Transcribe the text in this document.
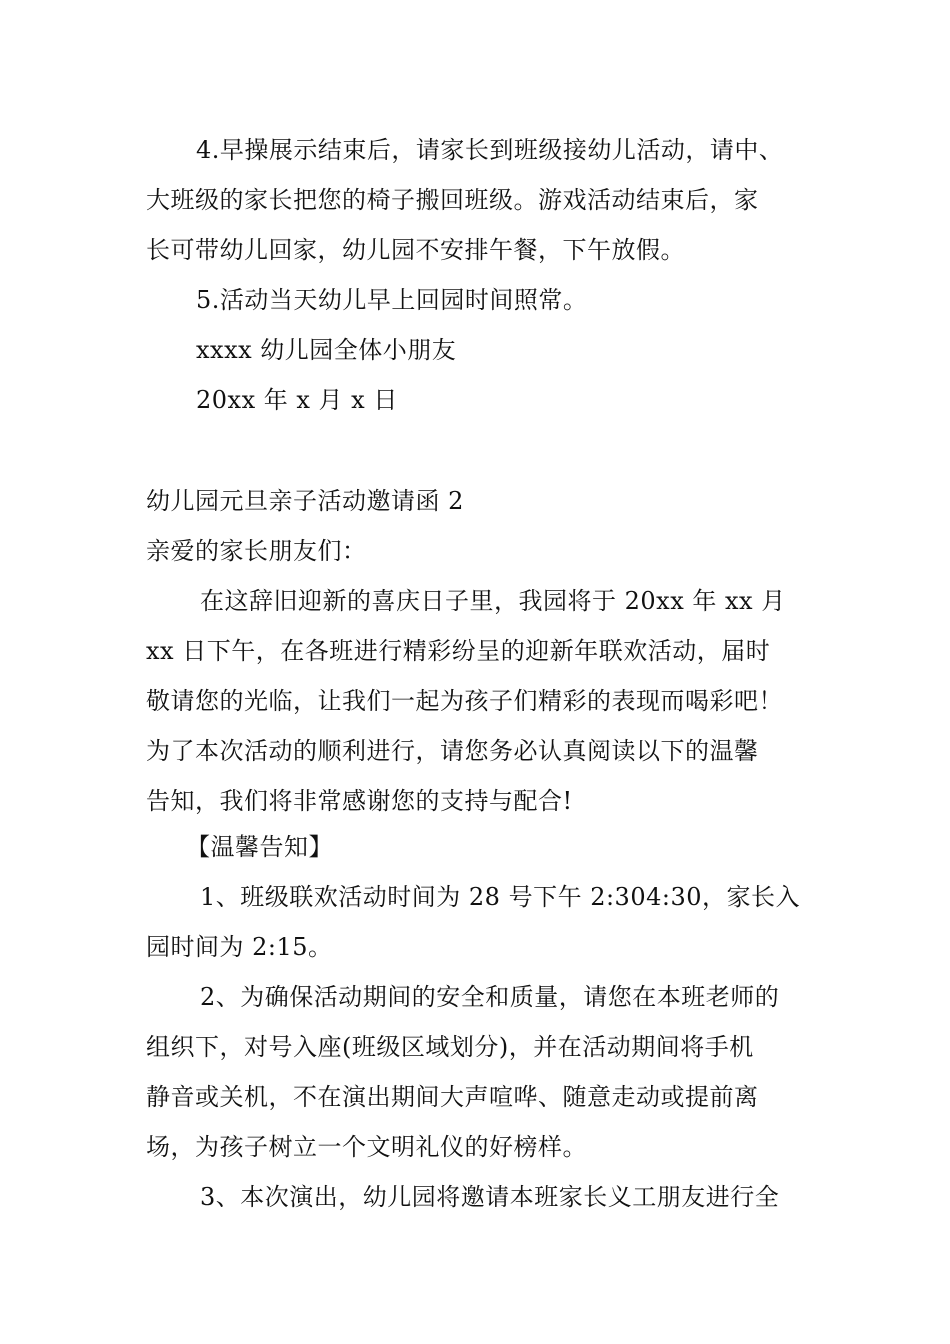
4.早操展示结束后，请家长到班级接幼儿活动，请中、
大班级的家长把您的椅子搬回班级。游戏活动结束后，家
长可带幼儿回家，幼儿园不安排午餐，下午放假。
5.活动当天幼儿早上回园时间照常。
xxxx 幼儿园全体小朋友
20xx 年 x 月 x 日
幼儿园元旦亲子活动邀请函 2
亲爱的家长朋友们：
在这辞旧迎新的喜庆日子里，我园将于 20xx 年 xx 月
xx 日下午，在各班进行精彩纷呈的迎新年联欢活动，届时
敬请您的光临，让我们一起为孩子们精彩的表现而喝彩吧！
为了本次活动的顺利进行，请您务必认真阅读以下的温馨
告知，我们将非常感谢您的支持与配合!
【温馨告知】
1、班级联欢活动时间为 28 号下午 2:304:30，家长入
园时间为 2:15。
2、为确保活动期间的安全和质量，请您在本班老师的
组织下，对号入座(班级区域划分)，并在活动期间将手机
静音或关机，不在演出期间大声喧哗、随意走动或提前离
场，为孩子树立一个文明礼仪的好榜样。
3、本次演出，幼儿园将邀请本班家长义工朋友进行全
